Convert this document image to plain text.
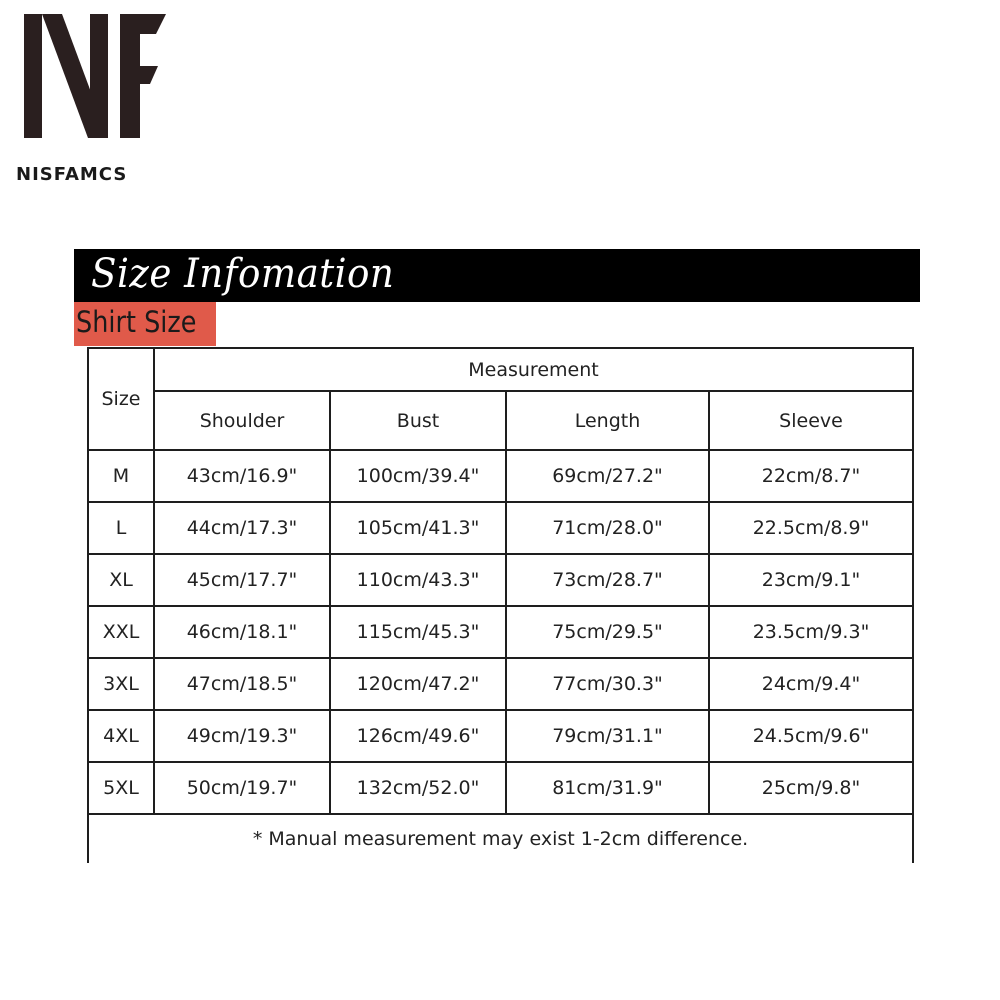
NISFAMCS
Size Infomation
Shirt Size
Size	Measurement			
	Shoulder	Bust	Length	Sleeve
M	43cm/16.9"	100cm/39.4"	69cm/27.2"	22cm/8.7"
L	44cm/17.3"	105cm/41.3"	71cm/28.0"	22.5cm/8.9"
XL	45cm/17.7"	110cm/43.3"	73cm/28.7"	23cm/9.1"
XXL	46cm/18.1"	115cm/45.3"	75cm/29.5"	23.5cm/9.3"
3XL	47cm/18.5"	120cm/47.2"	77cm/30.3"	24cm/9.4"
4XL	49cm/19.3"	126cm/49.6"	79cm/31.1"	24.5cm/9.6"
5XL	50cm/19.7"	132cm/52.0"	81cm/31.9"	25cm/9.8"
* Manual measurement may exist 1-2cm difference.				
